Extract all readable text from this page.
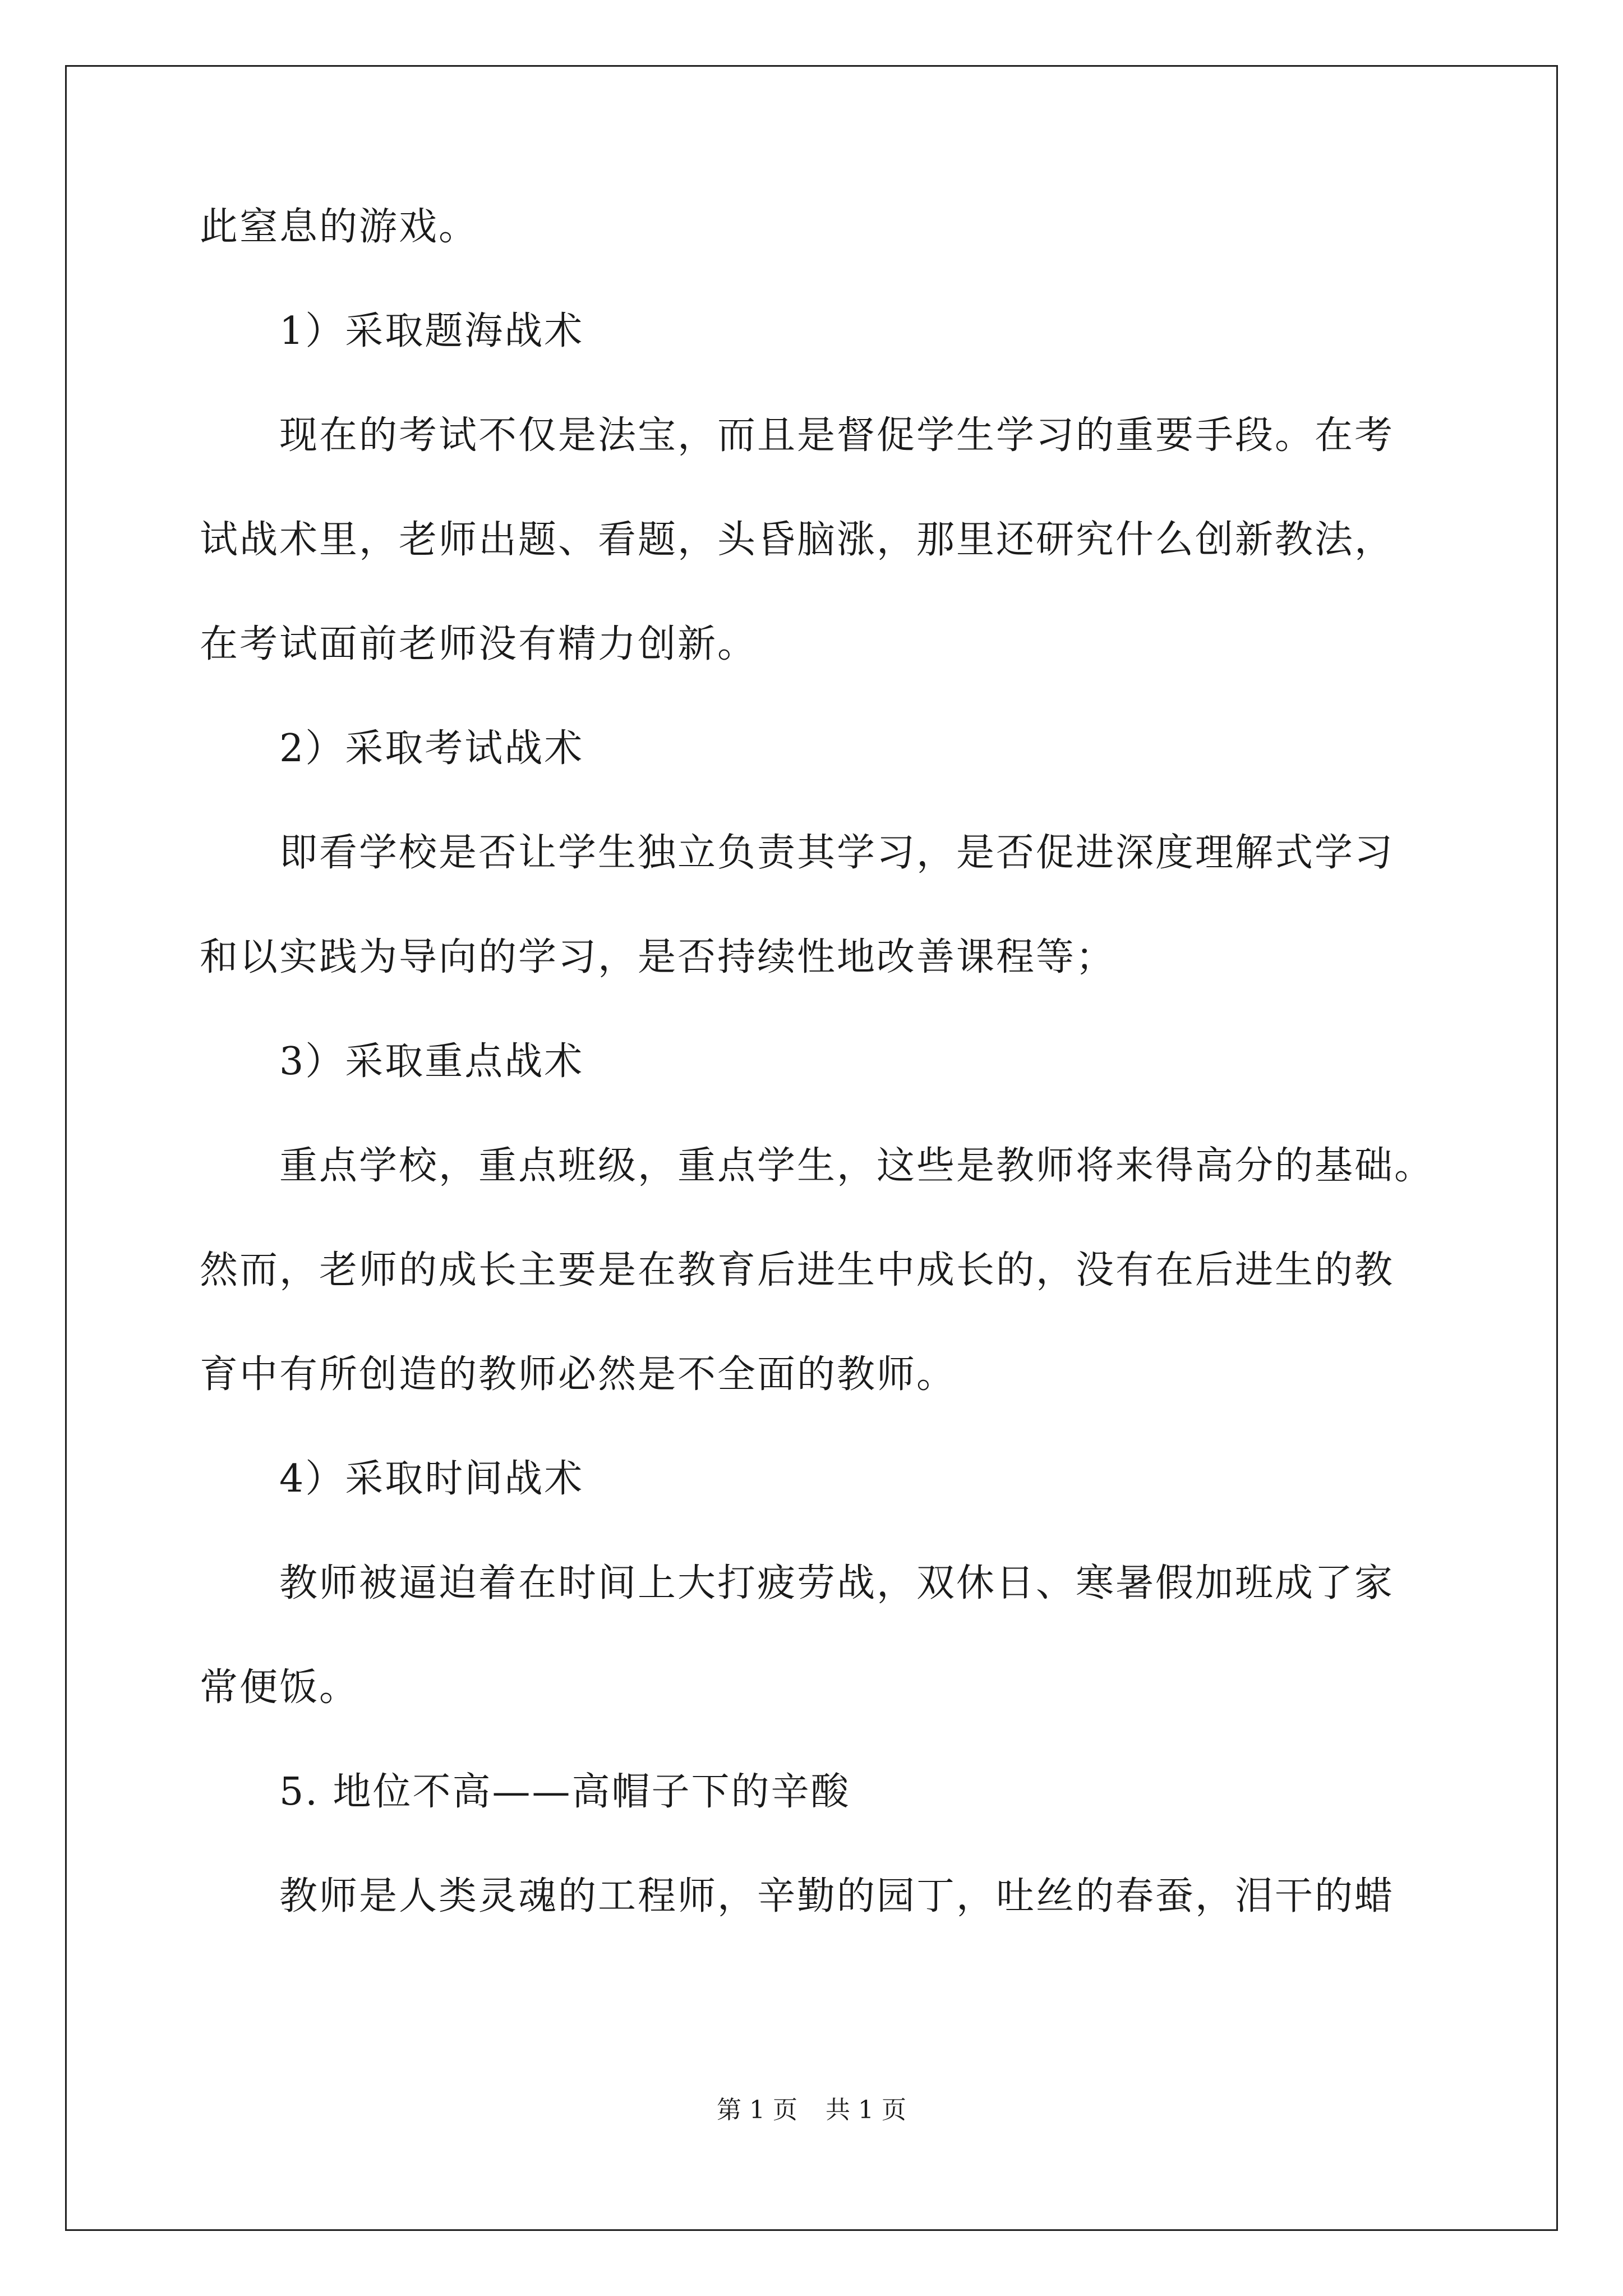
此窒息的游戏。
1）采取题海战术
现在的考试不仅是法宝，而且是督促学生学习的重要手段。在考
试战术里，老师出题、看题，头昏脑涨，那里还研究什么创新教法，
在考试面前老师没有精力创新。
2）采取考试战术
即看学校是否让学生独立负责其学习，是否促进深度理解式学习
和以实践为导向的学习，是否持续性地改善课程等；
3）采取重点战术
重点学校，重点班级，重点学生，这些是教师将来得高分的基础。
然而，老师的成长主要是在教育后进生中成长的，没有在后进生的教
育中有所创造的教师必然是不全面的教师。
4）采取时间战术
教师被逼迫着在时间上大打疲劳战，双休日、寒暑假加班成了家
常便饭。
5. 地位不高——高帽子下的辛酸
教师是人类灵魂的工程师，辛勤的园丁，吐丝的春蚕，泪干的蜡
第 1 页 共 1 页
